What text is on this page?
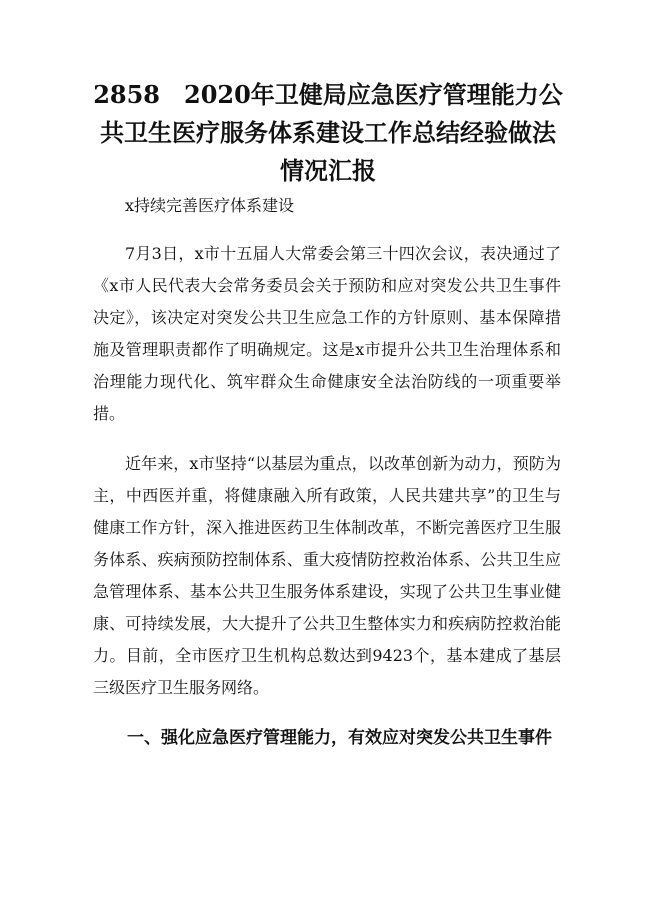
2858　2020年卫健局应急医疗管理能力公共卫生医疗服务体系建设工作总结经验做法情况汇报

x持续完善医疗体系建设

7月3日，x市十五届人大常委会第三十四次会议，表决通过了《x市人民代表大会常务委员会关于预防和应对突发公共卫生事件决定》，该决定对突发公共卫生应急工作的方针原则、基本保障措施及管理职责都作了明确规定。这是x市提升公共卫生治理体系和治理能力现代化、筑牢群众生命健康安全法治防线的一项重要举措。

近年来，x市坚持“以基层为重点，以改革创新为动力，预防为主，中西医并重，将健康融入所有政策，人民共建共享”的卫生与健康工作方针，深入推进医药卫生体制改革，不断完善医疗卫生服务体系、疾病预防控制体系、重大疫情防控救治体系、公共卫生应急管理体系、基本公共卫生服务体系建设，实现了公共卫生事业健康、可持续发展，大大提升了公共卫生整体实力和疾病防控救治能力。目前，全市医疗卫生机构总数达到9423个，基本建成了基层三级医疗卫生服务网络。

一、强化应急医疗管理能力，有效应对突发公共卫生事件
